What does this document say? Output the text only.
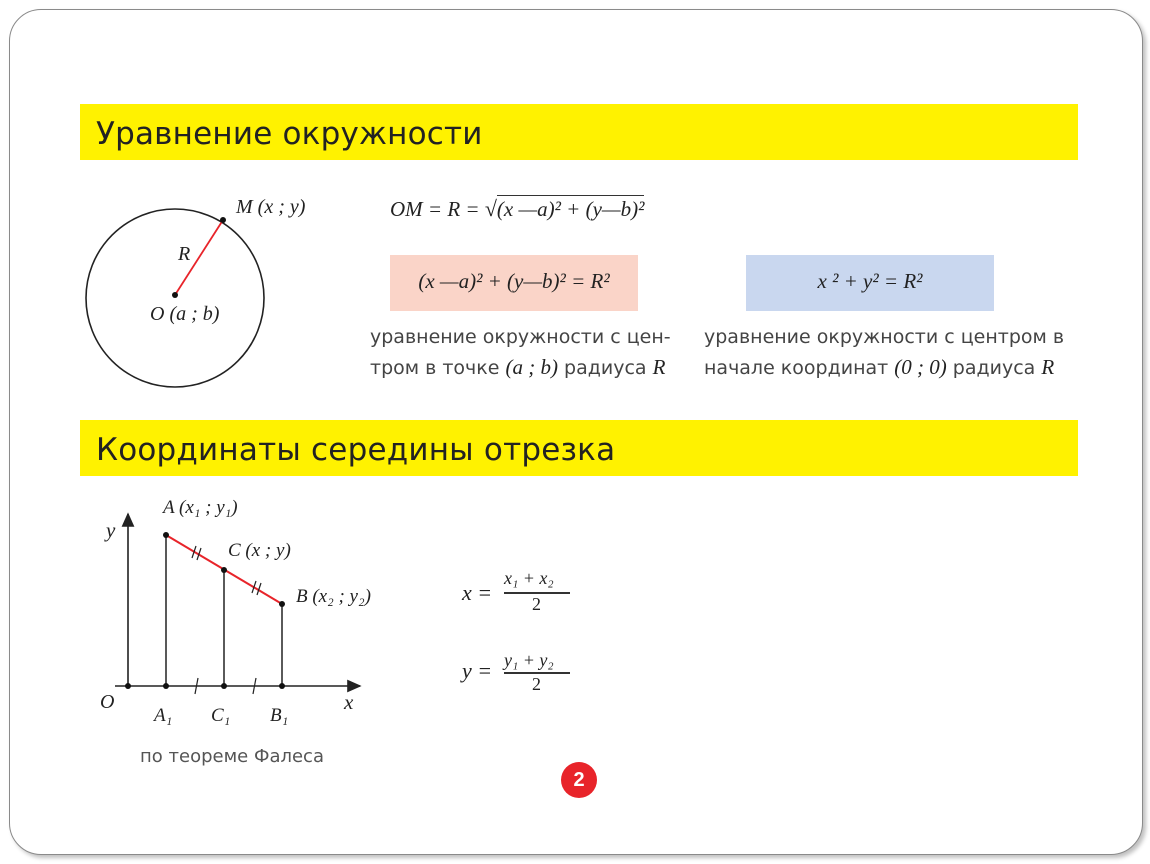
Уравнение окружности
M (x ; y)
R
O (a ; b)
OM = R = √(x —a)² + (y—b)²
(x —a)² + (y—b)² = R²	x ² + y² = R²
уравнение окружности с цен-
тром в точке (a ; b) радиуса R
уравнение окружности с центром в
начале координат (0 ; 0) радиуса R
Координаты середины отрезка
y
x
O
A (x₁ ; y₁)
C (x ; y)
B (x₂ ; y₂)
A₁ C₁ B₁
по теореме Фалеса
x =
x₁ + x₂
2
y = y₁ + y₂
2
2
